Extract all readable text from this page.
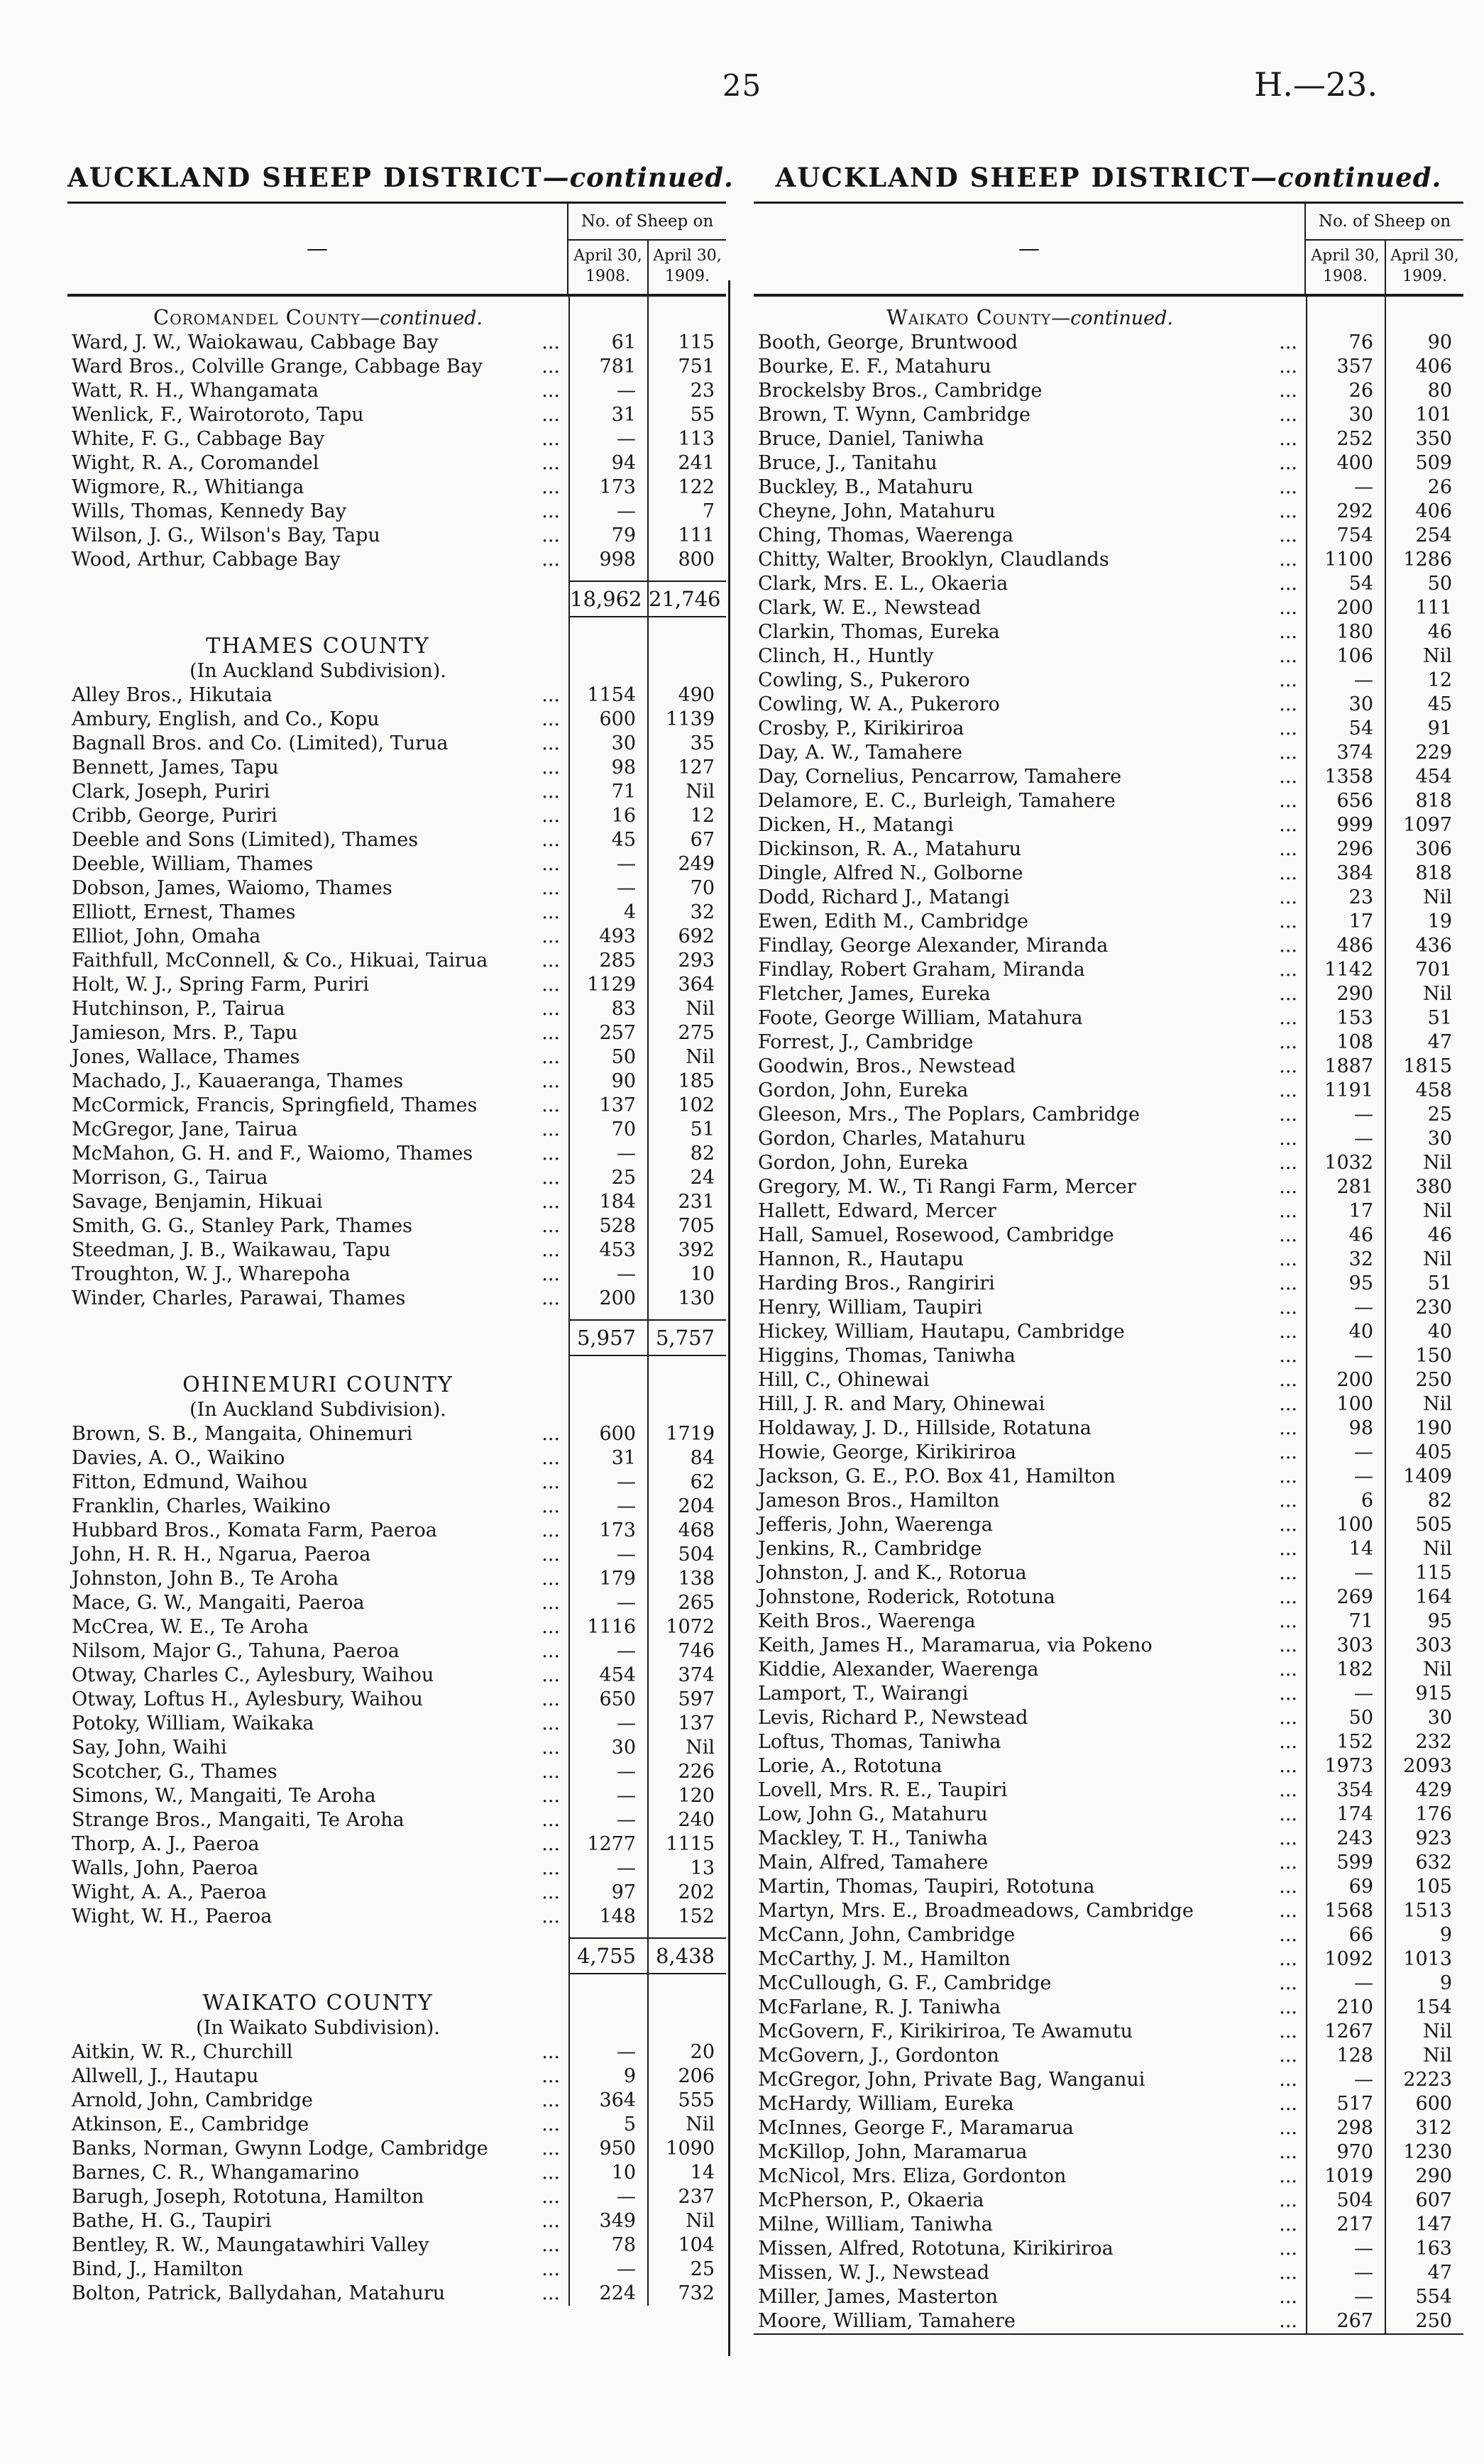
25	H.—23.
AUCKLAND SHEEP DISTRICT—continued.
—
No. of Sheep on
April 30, 1908.
April 30, 1909.
Coromandel County—continued.
Ward, J. W., Waiokawau, Cabbage Bay	...	61	115
Ward Bros., Colville Grange, Cabbage Bay	...	781	751
Watt, R. H., Whangamata	...	—	23
Wenlick, F., Wairotoroto, Tapu	...	31	55
White, F. G., Cabbage Bay	...	—	113
Wight, R. A., Coromandel	...	94	241
Wigmore, R., Whitianga	...	173	122
Wills, Thomas, Kennedy Bay	...	—	7
Wilson, J. G., Wilson's Bay, Tapu	...	79	111
Wood, Arthur, Cabbage Bay	...	998	800
18,962 21,746
THAMES COUNTY
(In Auckland Subdivision).
Alley Bros., Hikutaia	...	1154	490
Ambury, English, and Co., Kopu	...	600	1139
Bagnall Bros. and Co. (Limited), Turua	...	30	35
Bennett, James, Tapu	...	98	127
Clark, Joseph, Puriri	...	71	Nil
Cribb, George, Puriri	...	16	12
Deeble and Sons (Limited), Thames	...	45	67
Deeble, William, Thames	...	—	249
Dobson, James, Waiomo, Thames	...	—	70
Elliott, Ernest, Thames	...	4	32
Elliot, John, Omaha	...	493	692
Faithfull, McConnell, & Co., Hikuai, Tairua	...	285	293
Holt, W. J., Spring Farm, Puriri	...	1129	364
Hutchinson, P., Tairua	...	83	Nil
Jamieson, Mrs. P., Tapu	...	257	275
Jones, Wallace, Thames	...	50	Nil
Machado, J., Kauaeranga, Thames	...	90	185
McCormick, Francis, Springfield, Thames	...	137	102
McGregor, Jane, Tairua	...	70	51
McMahon, G. H. and F., Waiomo, Thames	...	—	82
Morrison, G., Tairua	...	25	24
Savage, Benjamin, Hikuai	...	184	231
Smith, G. G., Stanley Park, Thames	...	528	705
Steedman, J. B., Waikawau, Tapu	...	453	392
Troughton, W. J., Wharepoha	...	—	10
Winder, Charles, Parawai, Thames	...	200	130
5,957 5,757
OHINEMURI COUNTY
(In Auckland Subdivision).
Brown, S. B., Mangaita, Ohinemuri	...	600	1719
Davies, A. O., Waikino	...	31	84
Fitton, Edmund, Waihou	...	—	62
Franklin, Charles, Waikino	...	—	204
Hubbard Bros., Komata Farm, Paeroa	...	173	468
John, H. R. H., Ngarua, Paeroa	...	—	504
Johnston, John B., Te Aroha	...	179	138
Mace, G. W., Mangaiti, Paeroa	...	—	265
McCrea, W. E., Te Aroha	...	1116	1072
Nilsom, Major G., Tahuna, Paeroa	...	—	746
Otway, Charles C., Aylesbury, Waihou	...	454	374
Otway, Loftus H., Aylesbury, Waihou	...	650	597
Potoky, William, Waikaka	...	—	137
Say, John, Waihi	...	30	Nil
Scotcher, G., Thames	...	—	226
Simons, W., Mangaiti, Te Aroha	...	—	120
Strange Bros., Mangaiti, Te Aroha	...	—	240
Thorp, A. J., Paeroa	...	1277	1115
Walls, John, Paeroa	...	—	13
Wight, A. A., Paeroa	...	97	202
Wight, W. H., Paeroa	...	148	152
4,755 8,438
WAIKATO COUNTY
(In Waikato Subdivision).
Aitkin, W. R., Churchill	...	—	20
Allwell, J., Hautapu	...	9	206
Arnold, John, Cambridge	...	364	555
Atkinson, E., Cambridge	...	5	Nil
Banks, Norman, Gwynn Lodge, Cambridge	...	950	1090
Barnes, C. R., Whangamarino	...	10	14
Barugh, Joseph, Rototuna, Hamilton	...	—	237
Bathe, H. G., Taupiri	...	349	Nil
Bentley, R. W., Maungatawhiri Valley	...	78	104
Bind, J., Hamilton	...	—	25
Bolton, Patrick, Ballydahan, Matahuru	...	224	732
AUCKLAND SHEEP DISTRICT—continued.
—
No. of Sheep on
April 30, 1908.
April 30, 1909.
Waikato County—continued.
Booth, George, Bruntwood	...	76	90
Bourke, E. F., Matahuru	...	357	406
Brockelsby Bros., Cambridge	...	26	80
Brown, T. Wynn, Cambridge	...	30	101
Bruce, Daniel, Taniwha	...	252	350
Bruce, J., Tanitahu	...	400	509
Buckley, B., Matahuru	...	—	26
Cheyne, John, Matahuru	...	292	406
Ching, Thomas, Waerenga	...	754	254
Chitty, Walter, Brooklyn, Claudlands	...	1100	1286
Clark, Mrs. E. L., Okaeria	...	54	50
Clark, W. E., Newstead	...	200	111
Clarkin, Thomas, Eureka	...	180	46
Clinch, H., Huntly	...	106	Nil
Cowling, S., Pukeroro	...	—	12
Cowling, W. A., Pukeroro	...	30	45
Crosby, P., Kirikiriroa	...	54	91
Day, A. W., Tamahere	...	374	229
Day, Cornelius, Pencarrow, Tamahere	...	1358	454
Delamore, E. C., Burleigh, Tamahere	...	656	818
Dicken, H., Matangi	...	999	1097
Dickinson, R. A., Matahuru	...	296	306
Dingle, Alfred N., Golborne	...	384	818
Dodd, Richard J., Matangi	...	23	Nil
Ewen, Edith M., Cambridge	...	17	19
Findlay, George Alexander, Miranda	...	486	436
Findlay, Robert Graham, Miranda	...	1142	701
Fletcher, James, Eureka	...	290	Nil
Foote, George William, Matahura	...	153	51
Forrest, J., Cambridge	...	108	47
Goodwin, Bros., Newstead	...	1887	1815
Gordon, John, Eureka	...	1191	458
Gleeson, Mrs., The Poplars, Cambridge	...	—	25
Gordon, Charles, Matahuru	...	—	30
Gordon, John, Eureka	...	1032	Nil
Gregory, M. W., Ti Rangi Farm, Mercer	...	281	380
Hallett, Edward, Mercer	...	17	Nil
Hall, Samuel, Rosewood, Cambridge	...	46	46
Hannon, R., Hautapu	...	32	Nil
Harding Bros., Rangiriri	...	95	51
Henry, William, Taupiri	...	—	230
Hickey, William, Hautapu, Cambridge	...	40	40
Higgins, Thomas, Taniwha	...	—	150
Hill, C., Ohinewai	...	200	250
Hill, J. R. and Mary, Ohinewai	...	100	Nil
Holdaway, J. D., Hillside, Rotatuna	...	98	190
Howie, George, Kirikiriroa	...	—	405
Jackson, G. E., P.O. Box 41, Hamilton	...	—	1409
Jameson Bros., Hamilton	...	6	82
Jefferis, John, Waerenga	...	100	505
Jenkins, R., Cambridge	...	14	Nil
Johnston, J. and K., Rotorua	...	—	115
Johnstone, Roderick, Rototuna	...	269	164
Keith Bros., Waerenga	...	71	95
Keith, James H., Maramarua, via Pokeno	...	303	303
Kiddie, Alexander, Waerenga	...	182	Nil
Lamport, T., Wairangi	...	—	915
Levis, Richard P., Newstead	...	50	30
Loftus, Thomas, Taniwha	...	152	232
Lorie, A., Rototuna	...	1973	2093
Lovell, Mrs. R. E., Taupiri	...	354	429
Low, John G., Matahuru	...	174	176
Mackley, T. H., Taniwha	...	243	923
Main, Alfred, Tamahere	...	599	632
Martin, Thomas, Taupiri, Rototuna	...	69	105
Martyn, Mrs. E., Broadmeadows, Cambridge	...	1568	1513
McCann, John, Cambridge	...	66	9
McCarthy, J. M., Hamilton	...	1092	1013
McCullough, G. F., Cambridge	...	—	9
McFarlane, R. J. Taniwha	...	210	154
McGovern, F., Kirikiriroa, Te Awamutu	...	1267	Nil
McGovern, J., Gordonton	...	128	Nil
McGregor, John, Private Bag, Wanganui	...	—	2223
McHardy, William, Eureka	...	517	600
McInnes, George F., Maramarua	...	298	312
McKillop, John, Maramarua	...	970	1230
McNicol, Mrs. Eliza, Gordonton	...	1019	290
McPherson, P., Okaeria	...	504	607
Milne, William, Taniwha	...	217	147
Missen, Alfred, Rototuna, Kirikiriroa	...	—	163
Missen, W. J., Newstead	...	—	47
Miller, James, Masterton	...	—	554
Moore, William, Tamahere	...	267	250
